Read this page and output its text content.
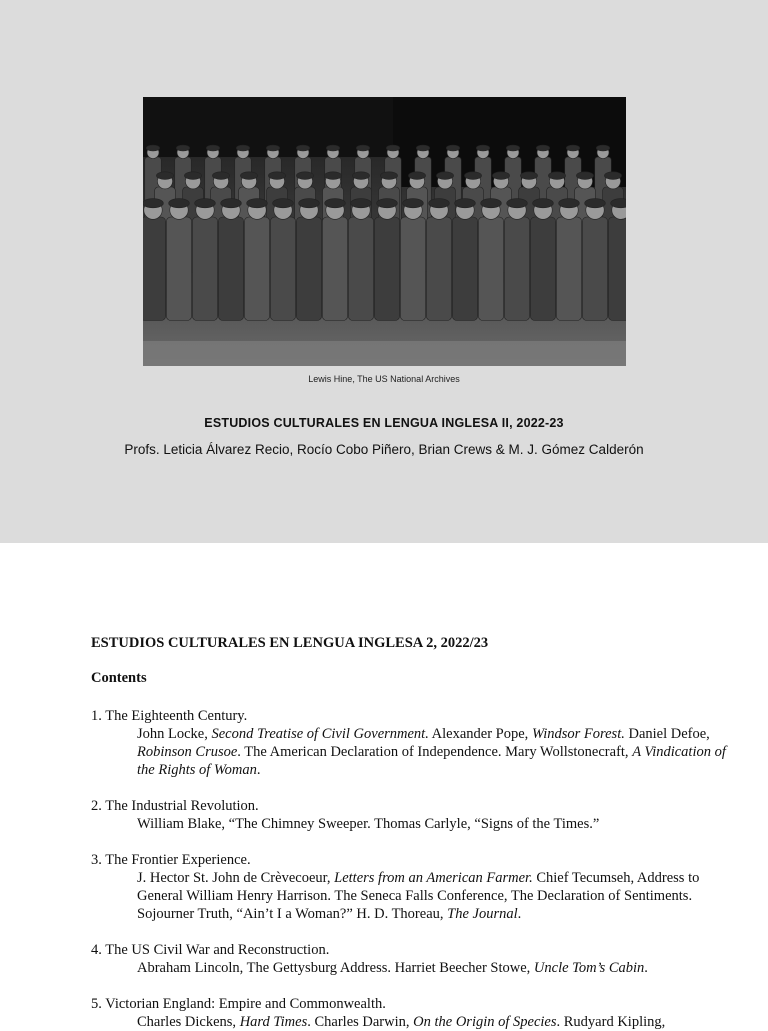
Lewis Hine, The US National Archives
ESTUDIOS CULTURALES EN LENGUA INGLESA II, 2022-23
Profs. Leticia Álvarez Recio, Rocío Cobo Piñero, Brian Crews & M. J. Gómez Calderón
ESTUDIOS CULTURALES EN LENGUA INGLESA 2, 2022/23
Contents
1. The Eighteenth Century.
John Locke, Second Treatise of Civil Government. Alexander Pope, Windsor Forest. Daniel Defoe, Robinson Crusoe. The American Declaration of Independence. Mary Wollstonecraft, A Vindication of the Rights of Woman.
2. The Industrial Revolution.
William Blake, “The Chimney Sweeper. Thomas Carlyle, “Signs of the Times.”
3. The Frontier Experience.
J. Hector St. John de Crèvecoeur, Letters from an American Farmer. Chief Tecumseh, Address to General William Henry Harrison. The Seneca Falls Conference, The Declaration of Sentiments. Sojourner Truth, “Ain’t I a Woman?” H. D. Thoreau, The Journal.
4. The US Civil War and Reconstruction.
Abraham Lincoln, The Gettysburg Address. Harriet Beecher Stowe, Uncle Tom’s Cabin.
5. Victorian England: Empire and Commonwealth.
Charles Dickens, Hard Times. Charles Darwin, On the Origin of Species. Rudyard Kipling,
